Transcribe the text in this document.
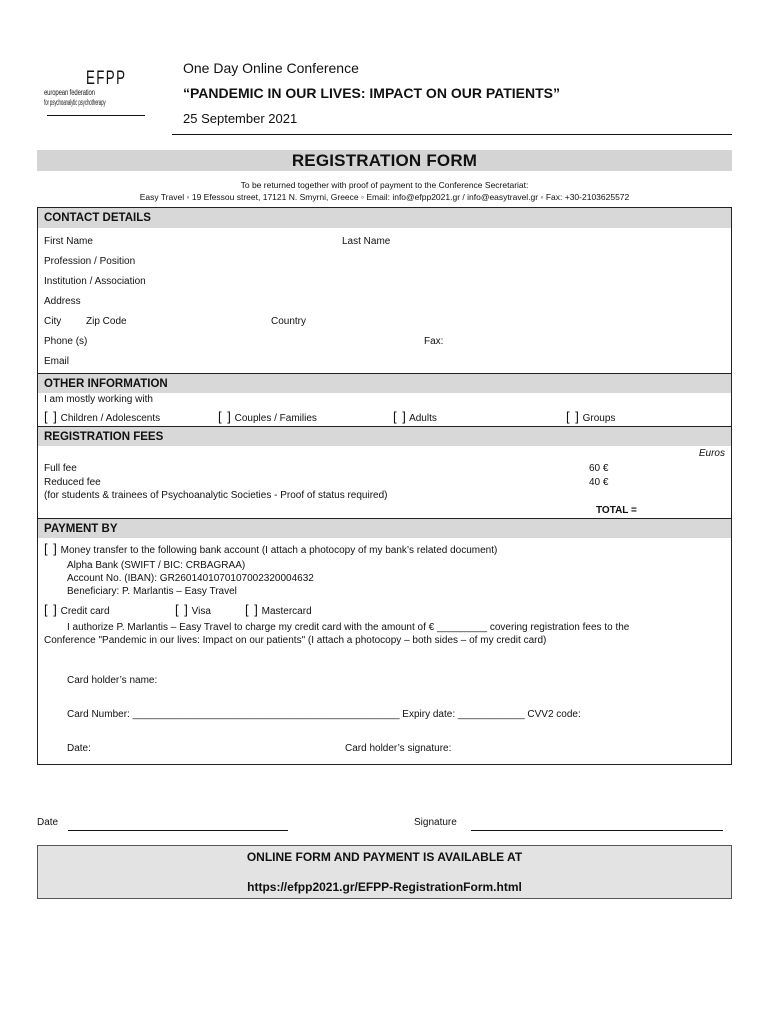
EFPP
european federation
for psychoanalytic psychotherapy
One Day Online Conference
“PANDEMIC IN OUR LIVES: IMPACT ON OUR PATIENTS”
25 September 2021
REGISTRATION FORM
To be returned together with proof of payment to the Conference Secretariat:
Easy Travel ◦ 19 Efessou street, 17121 N. Smyrni, Greece ◦ Email: info@efpp2021.gr / info@easytravel.gr ◦ Fax: +30-2103625572
CONTACT DETAILS
First Name	Last Name
Profession / Position
Institution / Association
Address
City Zip Code	Country
Phone (s)	Fax:
Email
OTHER INFORMATION
I am mostly working with
[ ] Children / Adolescents	[ ] Couples / Families	[ ] Adults	[ ] Groups
REGISTRATION FEES
Euros
Full fee	60 €
Reduced fee	40 €
(for students & trainees of Psychoanalytic Societies - Proof of status required)
TOTAL =
PAYMENT BY
[ ] Money transfer to the following bank account (I attach a photocopy of my bank’s related document)
Alpha Bank (SWIFT / BIC: CRBAGRAA)
Account No. (IBAN): GR2601401070107002320004632
Beneficiary: P. Marlantis – Easy Travel
[ ] Credit card	[ ] Visa	[ ] Mastercard
I authorize P. Marlantis – Easy Travel to charge my credit card with the amount of € _________ covering registration fees to the
Conference "Pandemic in our lives: Impact on our patients" (I attach a photocopy – both sides – of my credit card)
Card holder’s name:
Card Number: ________________________________________________ Expiry date: ____________ CVV2 code:
Date:	Card holder’s signature:
Date	Signature
ONLINE FORM AND PAYMENT IS AVAILABLE AT
https://efpp2021.gr/EFPP-RegistrationForm.html
